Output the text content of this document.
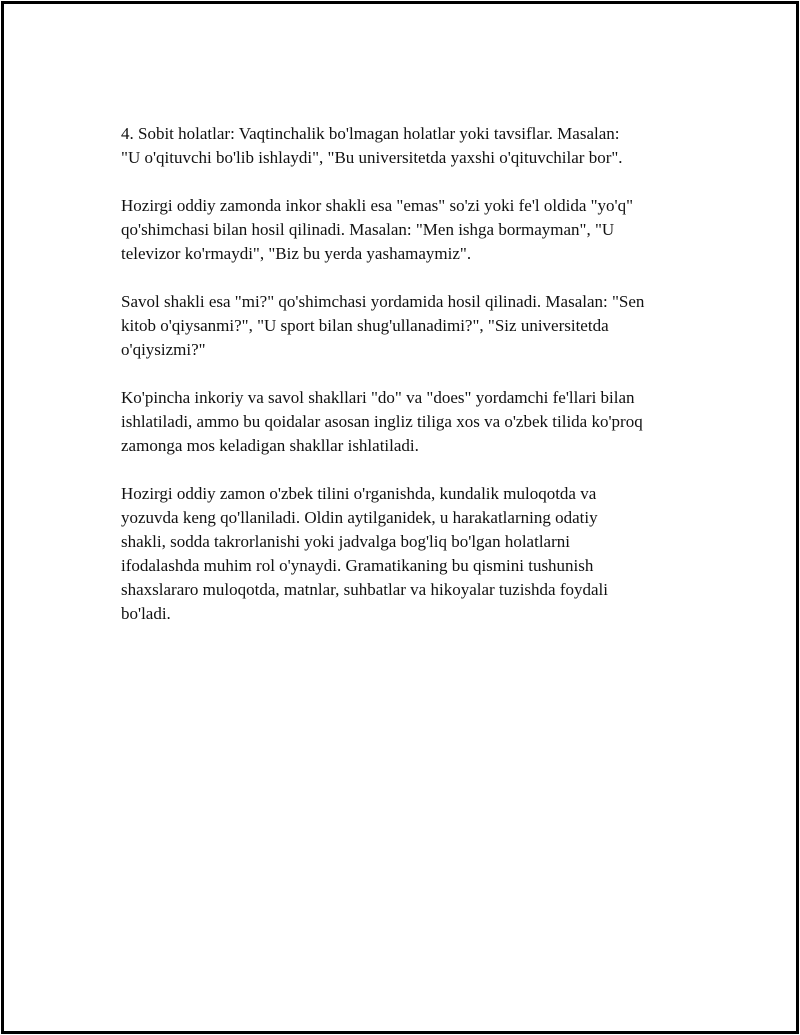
4. Sobit holatlar: Vaqtinchalik bo'lmagan holatlar yoki tavsiflar. Masalan:
"U o'qituvchi bo'lib ishlaydi", "Bu universitetda yaxshi o'qituvchilar bor".

Hozirgi oddiy zamonda inkor shakli esa "emas" so'zi yoki fe'l oldida "yo'q"
qo'shimchasi bilan hosil qilinadi. Masalan: "Men ishga bormayman", "U
televizor ko'rmaydi", "Biz bu yerda yashamaymiz".

Savol shakli esa "mi?" qo'shimchasi yordamida hosil qilinadi. Masalan: "Sen
kitob o'qiysanmi?", "U sport bilan shug'ullanadimi?", "Siz universitetda
o'qiysizmi?"

Ko'pincha inkoriy va savol shakllari "do" va "does" yordamchi fe'llari bilan
ishlatiladi, ammo bu qoidalar asosan ingliz tiliga xos va o'zbek tilida ko'proq
zamonga mos keladigan shakllar ishlatiladi.

Hozirgi oddiy zamon o'zbek tilini o'rganishda, kundalik muloqotda va
yozuvda keng qo'llaniladi. Oldin aytilganidek, u harakatlarning odatiy
shakli, sodda takrorlanishi yoki jadvalga bog'liq bo'lgan holatlarni
ifodalashda muhim rol o'ynaydi. Gramatikaning bu qismini tushunish
shaxslararo muloqotda, matnlar, suhbatlar va hikoyalar tuzishda foydali
bo'ladi.
